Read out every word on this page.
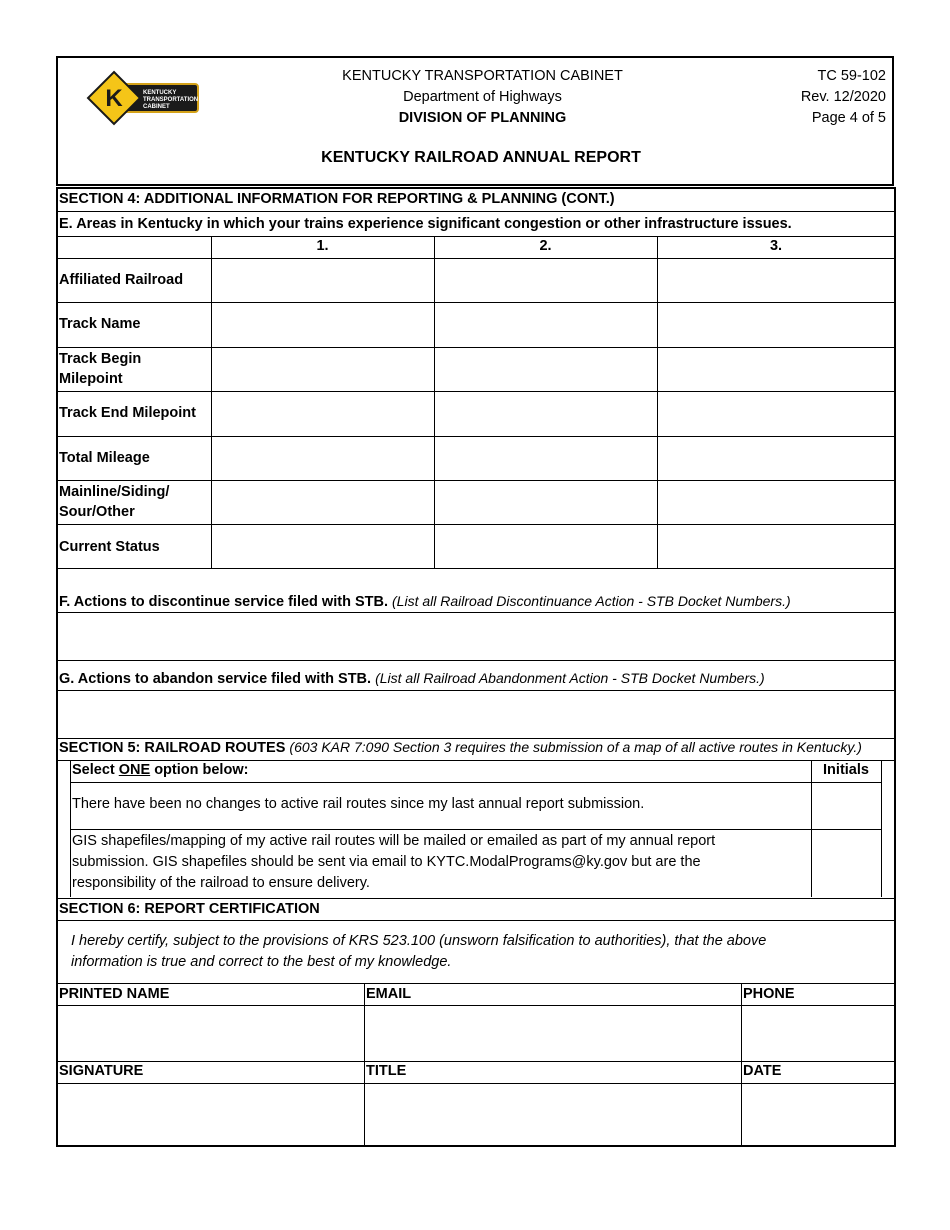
K	KENTUCKY
TRANSPORTATION
CABINET
KENTUCKY TRANSPORTATION CABINET
Department of Highways
DIVISION OF PLANNING
TC 59-102
Rev. 12/2020
Page 4 of 5
KENTUCKY RAILROAD ANNUAL REPORT
SECTION 4: ADDITIONAL INFORMATION FOR REPORTING & PLANNING (CONT.)
E. Areas in Kentucky in which your trains experience significant congestion or other infrastructure issues.
1.	2.	3.
Affiliated Railroad
Track Name
Track Begin Milepoint
Track End Milepoint
Total Mileage
Mainline/Siding/ Sour/Other
Current Status
F. Actions to discontinue service filed with STB. (List all Railroad Discontinuance Action - STB Docket Numbers.)
G. Actions to abandon service filed with STB. (List all Railroad Abandonment Action - STB Docket Numbers.)
SECTION 5: RAILROAD ROUTES (603 KAR 7:090 Section 3 requires the submission of a map of all active routes in Kentucky.)
Select ONE option below:	Initials
There have been no changes to active rail routes since my last annual report submission.
GIS shapefiles/mapping of my active rail routes will be mailed or emailed as part of my annual report
submission. GIS shapefiles should be sent via email to KYTC.ModalPrograms@ky.gov but are the
responsibility of the railroad to ensure delivery.
SECTION 6: REPORT CERTIFICATION
I hereby certify, subject to the provisions of KRS 523.100 (unsworn falsification to authorities), that the above
information is true and correct to the best of my knowledge.
PRINTED NAME	EMAIL	PHONE
SIGNATURE	TITLE	DATE
